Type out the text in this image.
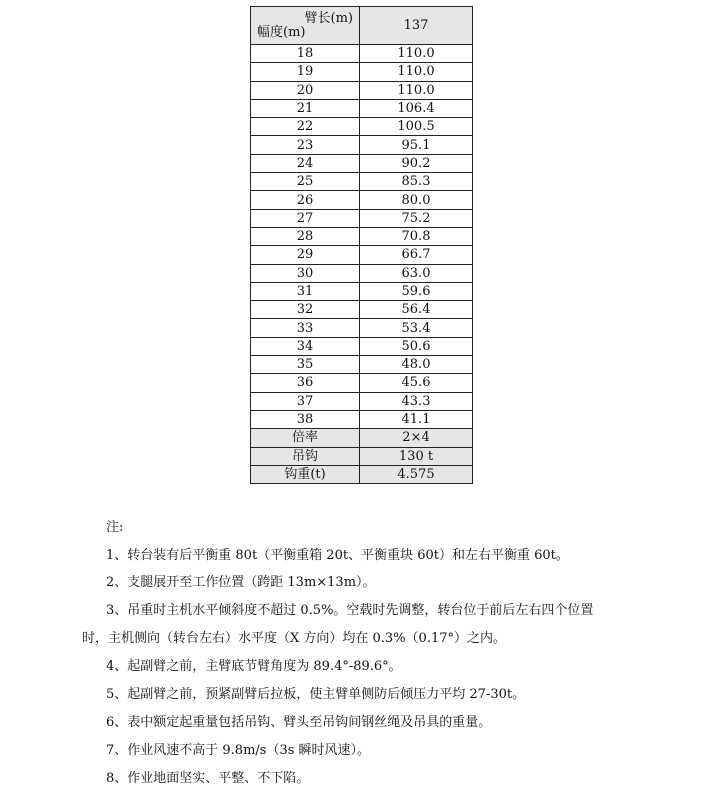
臂长(m)
幅度(m)	137
18	110.0
19	110.0
20	110.0
21	106.4
22	100.5
23	95.1
24	90.2
25	85.3
26	80.0
27	75.2
28	70.8
29	66.7
30	63.0
31	59.6
32	56.4
33	53.4
34	50.6
35	48.0
36	45.6
37	43.3
38	41.1
倍率	2×4
吊钩	130 t
钩重(t)	4.575
注:
1、转台装有后平衡重 80t（平衡重箱 20t、平衡重块 60t）和左右平衡重 60t。
2、支腿展开至工作位置（跨距 13m×13m）。
3、吊重时主机水平倾斜度不超过 0.5%。空载时先调整，转台位于前后左右四个位置
时，主机侧向（转台左右）水平度（X 方向）均在 0.3%（0.17°）之内。
4、起副臂之前，主臂底节臂角度为 89.4°-89.6°。
5、起副臂之前，预紧副臂后拉板，使主臂单侧防后倾压力平均 27-30t。
6、表中额定起重量包括吊钩、臂头至吊钩间钢丝绳及吊具的重量。
7、作业风速不高于 9.8m/s（3s 瞬时风速）。
8、作业地面坚实、平整、不下陷。
